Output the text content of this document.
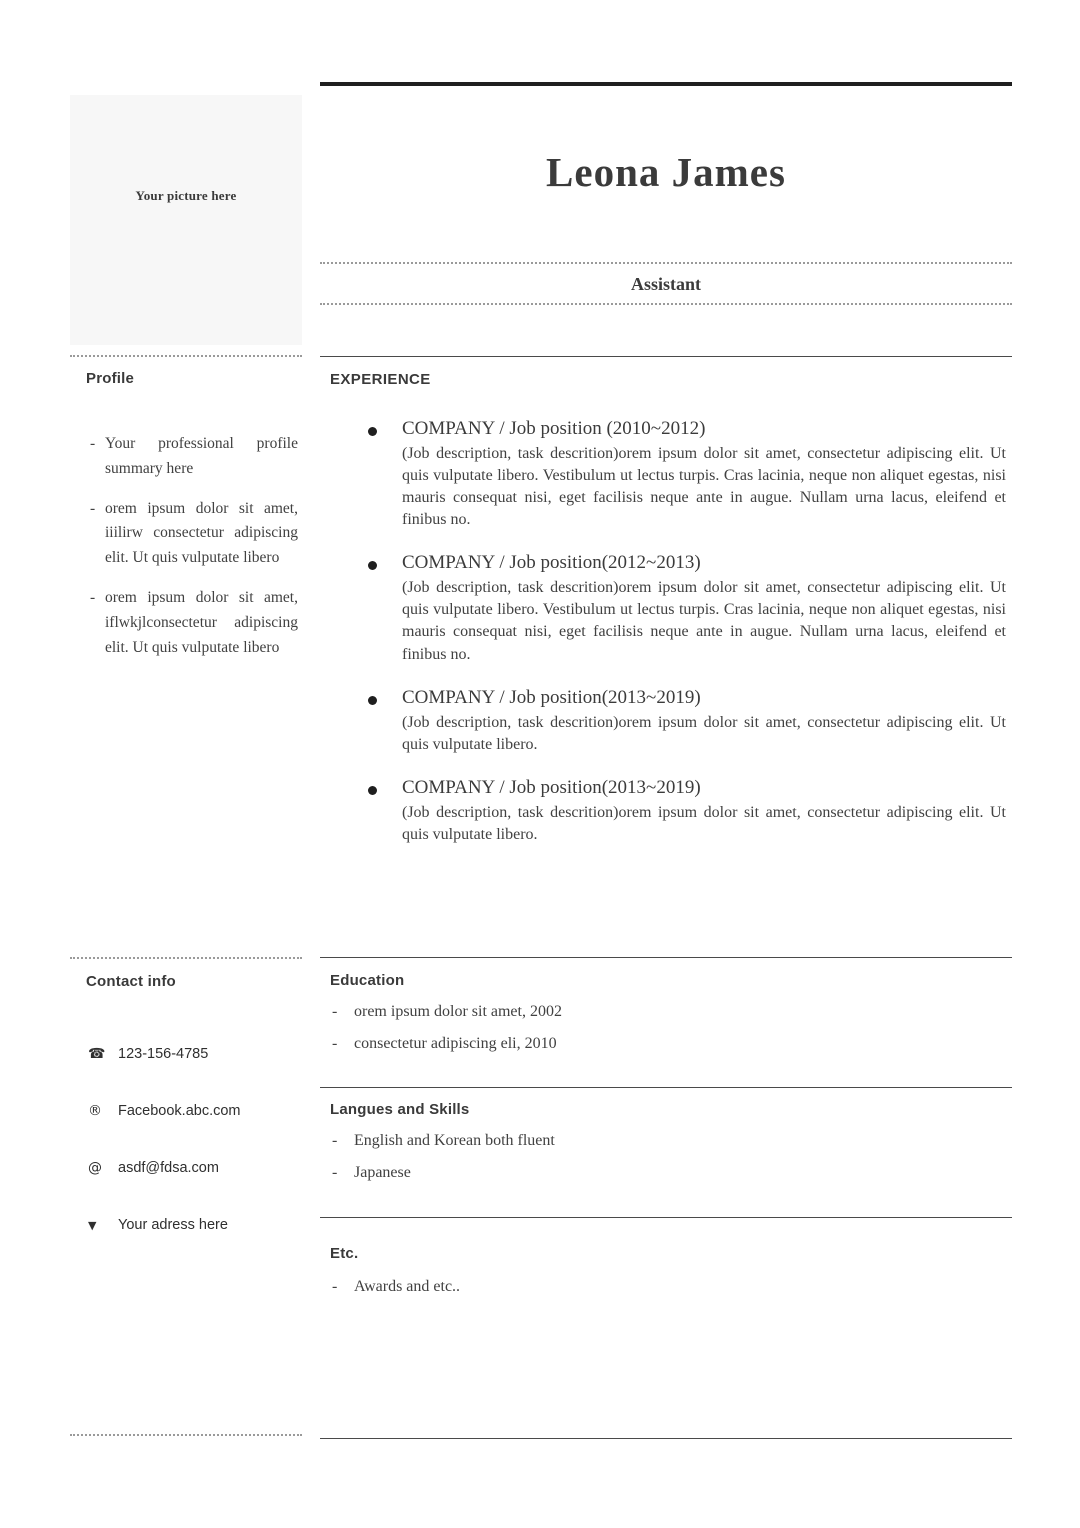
Your picture here
Profile
- Your professional profile summary here
- orem ipsum dolor sit amet, iiilirw consectetur adipiscing elit. Ut quis vulputate libero
- orem ipsum dolor sit amet, iflwkjlconsectetur adipiscing elit. Ut quis vulputate libero
Contact info
☎ 123-156-4785
®	Facebook.abc.com
@	asdf@fdsa.com
▼	Your adress here
Leona James
Assistant
EXPERIENCE
COMPANY / Job position (2010~2012)

(Job description, task descrition)orem ipsum dolor sit amet, consectetur adipiscing elit. Ut quis vulputate libero. Vestibulum ut lectus turpis. Cras lacinia, neque non aliquet egestas, nisi mauris consequat nisi, eget facilisis neque ante in augue. Nullam urna lacus, eleifend et finibus no.

COMPANY / Job position(2012~2013)

(Job description, task descrition)orem ipsum dolor sit amet, consectetur adipiscing elit. Ut quis vulputate libero. Vestibulum ut lectus turpis. Cras lacinia, neque non aliquet egestas, nisi mauris consequat nisi, eget facilisis neque ante in augue. Nullam urna lacus, eleifend et finibus no.

COMPANY / Job position(2013~2019)

(Job description, task descrition)orem ipsum dolor sit amet, consectetur adipiscing elit. Ut quis vulputate libero.

COMPANY / Job position(2013~2019)

(Job description, task descrition)orem ipsum dolor sit amet, consectetur adipiscing elit. Ut quis vulputate libero.

Education
- orem ipsum dolor sit amet, 2002
- consectetur adipiscing eli, 2010
Langues and Skills
- English and Korean both fluent
- Japanese
Etc.
- Awards and etc..
